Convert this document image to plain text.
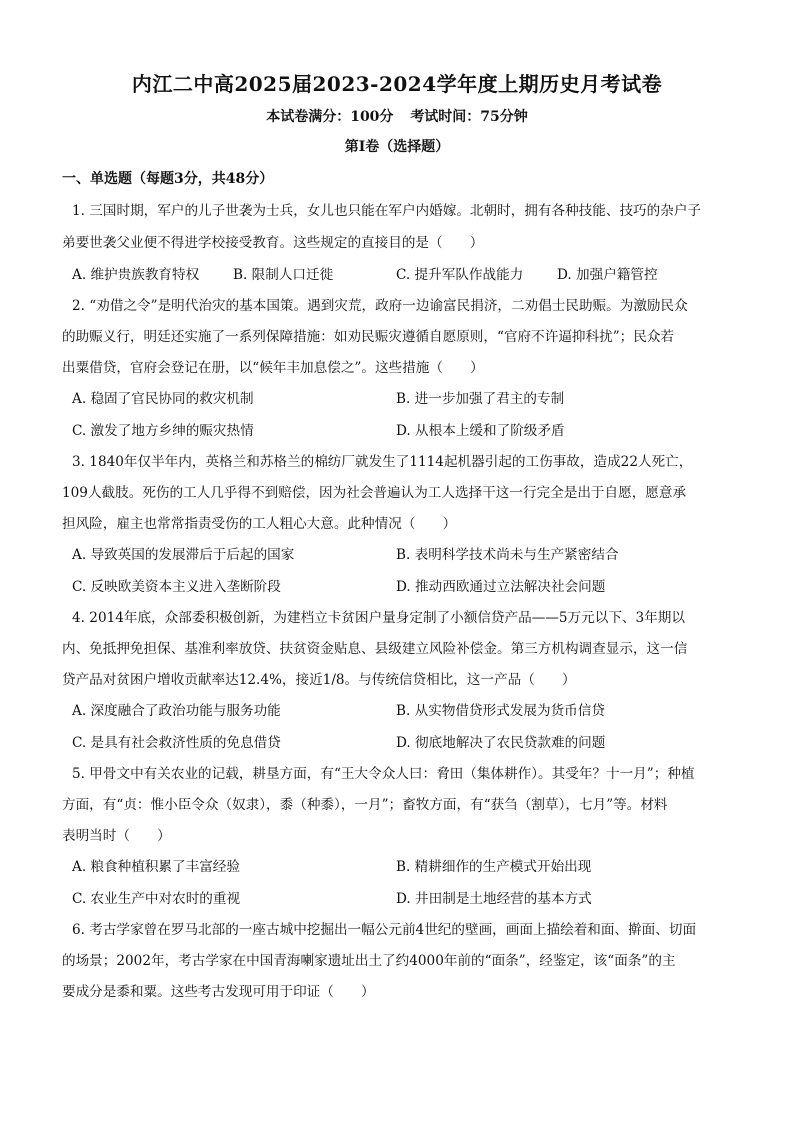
内江二中高2025届2023-2024学年度上期历史月考试卷
本试卷满分：100分 考试时间：75分钟
第Ⅰ卷（选择题）
一、单选题（每题3分，共48分）
1. 三国时期，军户的儿子世袭为士兵，女儿也只能在军户内婚嫁。北朝时，拥有各种技能、技巧的杂户子
弟要世袭父业便不得进学校接受教育。这些规定的直接目的是（　　）
A. 维护贵族教育特权 B. 限制人口迁徙	C. 提升军队作战能力 D. 加强户籍管控
2. “劝借之令”是明代治灾的基本国策。遇到灾荒，政府一边谕富民捐济，二劝倡士民助赈。为激励民众
的助赈义行，明廷还实施了一系列保障措施：如劝民赈灾遵循自愿原则，“官府不许逼抑科扰”；民众若
出粟借贷，官府会登记在册，以“候年丰加息偿之”。这些措施（　　）
A. 稳固了官民协同的救灾机制	B. 进一步加强了君主的专制
C. 激发了地方乡绅的赈灾热情	D. 从根本上缓和了阶级矛盾
3. 1840年仅半年内，英格兰和苏格兰的棉纺厂就发生了1114起机器引起的工伤事故，造成22人死亡，
109人截肢。死伤的工人几乎得不到赔偿，因为社会普遍认为工人选择干这一行完全是出于自愿，愿意承
担风险，雇主也常常指责受伤的工人粗心大意。此种情况（　　）
A. 导致英国的发展滞后于后起的国家	B. 表明科学技术尚未与生产紧密结合
C. 反映欧美资本主义进入垄断阶段	D. 推动西欧通过立法解决社会问题
4. 2014年底，众部委积极创新，为建档立卡贫困户量身定制了小额信贷产品——5万元以下、3年期以
内、免抵押免担保、基准利率放贷、扶贫资金贴息、县级建立风险补偿金。第三方机构调查显示，这一信
贷产品对贫困户增收贡献率达12.4%，接近1/8。与传统信贷相比，这一产品（　　）
A. 深度融合了政治功能与服务功能	B. 从实物借贷形式发展为货币信贷
C. 是具有社会救济性质的免息借贷	D. 彻底地解决了农民贷款难的问题
5. 甲骨文中有关农业的记载，耕垦方面，有“王大令众人曰：脅田（集体耕作）。其受年？十一月”；种植
方面，有“贞：惟小臣令众（奴隶），黍（种黍），一月”；畜牧方面，有“获刍（割草），七月”等。材料
表明当时（　　）
A. 粮食种植积累了丰富经验	B. 精耕细作的生产模式开始出现
C. 农业生产中对农时的重视	D. 井田制是土地经营的基本方式
6. 考古学家曾在罗马北部的一座古城中挖掘出一幅公元前4世纪的壁画，画面上描绘着和面、擀面、切面
的场景；2002年，考古学家在中国青海喇家遗址出土了约4000年前的“面条”，经鉴定，该“面条”的主
要成分是黍和粟。这些考古发现可用于印证（　　）
